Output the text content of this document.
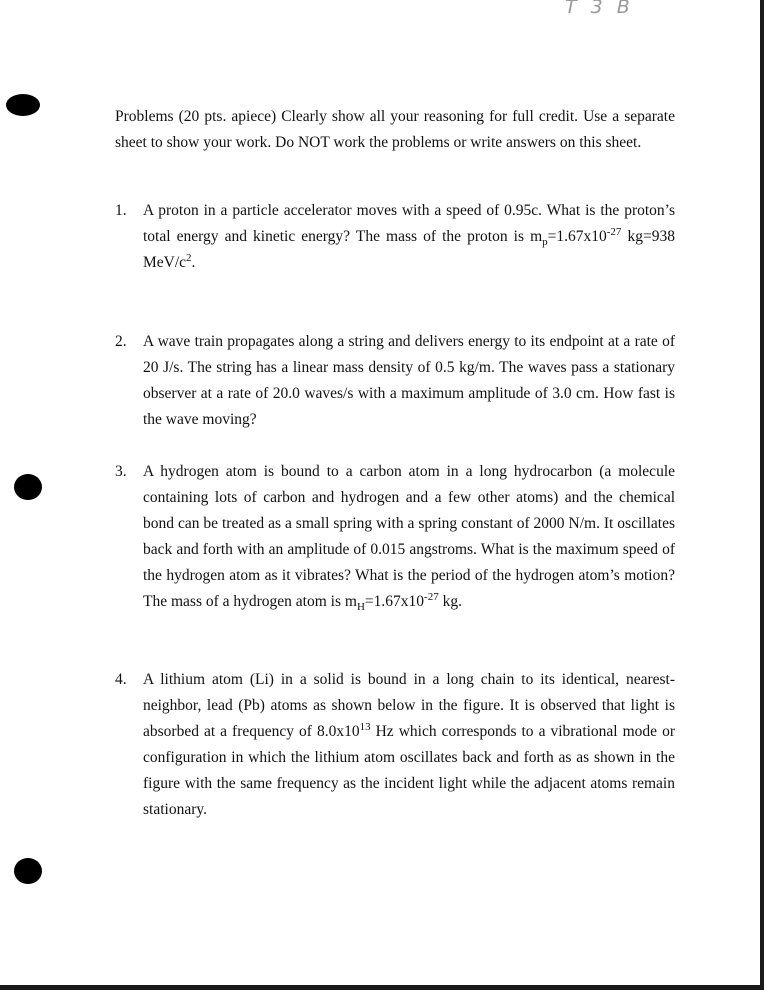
T 3 B

Problems (20 pts. apiece) Clearly show all your reasoning for full credit. Use a separate sheet to show your work. Do NOT work the problems or write answers on this sheet.

1. A proton in a particle accelerator moves with a speed of 0.95c. What is the proton’s total energy and kinetic energy? The mass of the proton is $m_p=1.67x10^{-27}$ kg=938 MeV/$c^2$.
2. A wave train propagates along a string and delivers energy to its endpoint at a rate of 20 J/s. The string has a linear mass density of 0.5 kg/m. The waves pass a stationary observer at a rate of 20.0 waves/s with a maximum amplitude of 3.0 cm. How fast is the wave moving?
3. A hydrogen atom is bound to a carbon atom in a long hydrocarbon (a molecule containing lots of carbon and hydrogen and a few other atoms) and the chemical bond can be treated as a small spring with a spring constant of 2000 N/m. It oscillates back and forth with an amplitude of 0.015 angstroms. What is the maximum speed of the hydrogen atom as it vibrates? What is the period of the hydrogen atom’s motion? The mass of a hydrogen atom is $m_H=1.67x10^{-27}$ kg.
4. A lithium atom (Li) in a solid is bound in a long chain to its identical, nearest-neighbor, lead (Pb) atoms as shown below in the figure. It is observed that light is absorbed at a frequency of $8.0x10^{13}$ Hz which corresponds to a vibrational mode or configuration in which the lithium atom oscillates back and forth as as shown in the figure with the same frequency as the incident light while the adjacent atoms remain stationary.
